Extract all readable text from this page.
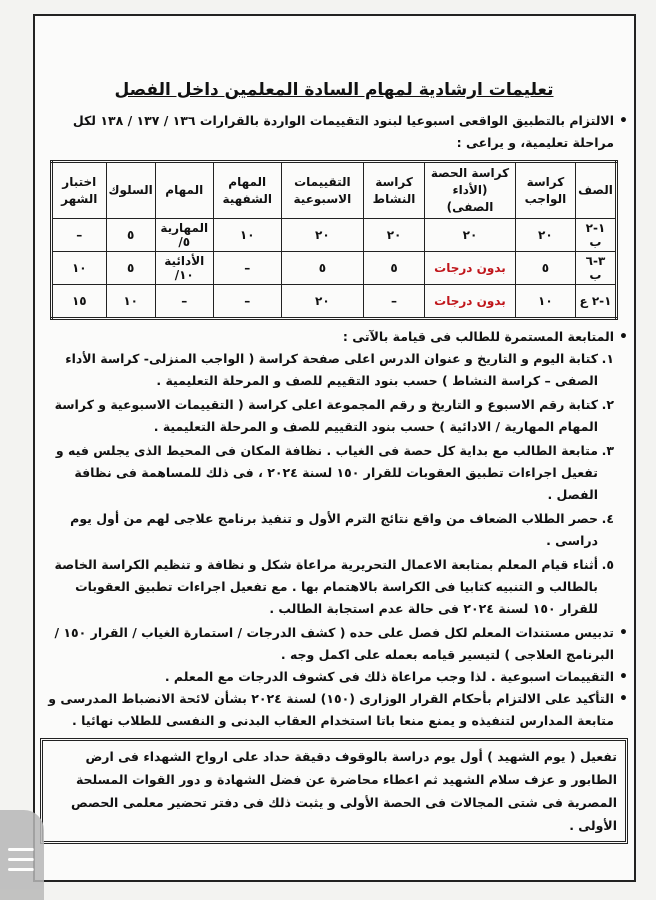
تعليمات ارشادية لمهام السادة المعلمين داخل الفصل
• الالتزام بالتطبيق الواقعى اسبوعيا لبنود التقييمات الواردة بالقرارات ١٣٦ / ١٣٧ / ١٣٨ لكل مراحلة تعليمية، و يراعى :
الصف	كراسة الواجب	كراسة الحصة (الأداء الصفى)	كراسة النشاط	التقييمات الاسبوعية	المهام الشفهية	المهام	السلوك	اختبار الشهر
١-٢ ب	٢٠	٢٠	٢٠	٢٠	١٠	المهارية ٥/	٥	–
٣-٦ ب	٥	بدون درجات	٥	٥	–	الأدائية ١٠/	٥	١٠
١-٢ ع	١٠	بدون درجات	–	٢٠	–	–	١٠	١٥
• المتابعة المستمرة للطالب فى قيامة بالآتى :
١.
كتابة اليوم و التاريخ و عنوان الدرس اعلى صفحة كراسة ( الواجب المنزلى- كراسة الأداء الصفى – كراسة النشاط ) حسب بنود التقييم للصف و المرحلة التعليمية .
٢.
كتابة رقم الاسبوع و التاريخ و رقم المجموعة اعلى كراسة ( التقييمات الاسبوعية و كراسة المهام المهارية / الادائية ) حسب بنود التقييم للصف و المرحلة التعليمية .
٣.
متابعة الطالب مع بداية كل حصة فى الغياب . نظافة المكان فى المحيط الذى يجلس فيه و تفعيل اجراءات تطبيق العقوبات للقرار ١٥٠ لسنة ٢٠٢٤ ، فى ذلك للمساهمة فى نظافة الفصل .
٤.
حصر الطلاب الضعاف من واقع نتائج الترم الأول و تنفيذ برنامج علاجى لهم من أول يوم دراسى .
٥.
أثناء قيام المعلم بمتابعة الاعمال التحريرية مراعاة شكل و نظافة و تنظيم الكراسة الخاصة بالطالب و التنبيه كتابيا فى الكراسة بالاهتمام بها . مع تفعيل اجراءات تطبيق العقوبات للقرار ١٥٠ لسنة ٢٠٢٤ فى حالة عدم استجابة الطالب .
• تدبيس مستندات المعلم لكل فصل على حده ( كشف الدرجات / استمارة الغياب / القرار ١٥٠ / البرنامج العلاجى ) لتيسير قيامه بعمله على اكمل وجه .
• التقييمات اسبوعية . لذا وجب مراعاة ذلك فى كشوف الدرجات مع المعلم .
• التأكيد على الالتزام بأحكام القرار الوزارى (١٥٠) لسنة ٢٠٢٤ بشأن لائحة الانضباط المدرسى و متابعة المدارس لتنفيذه و يمنع منعا باتا استخدام العقاب البدنى و النفسى للطلاب نهائيا .
تفعيل ( يوم الشهيد ) أول يوم دراسة بالوقوف دقيقة حداد على ارواح الشهداء فى ارض الطابور و عزف سلام الشهيد ثم اعطاء محاضرة عن فضل الشهادة و دور القوات المسلحة المصرية فى شتى المجالات فى الحصة الأولى و يثبت ذلك فى دفتر تحضير معلمى الحصص الأولى .
